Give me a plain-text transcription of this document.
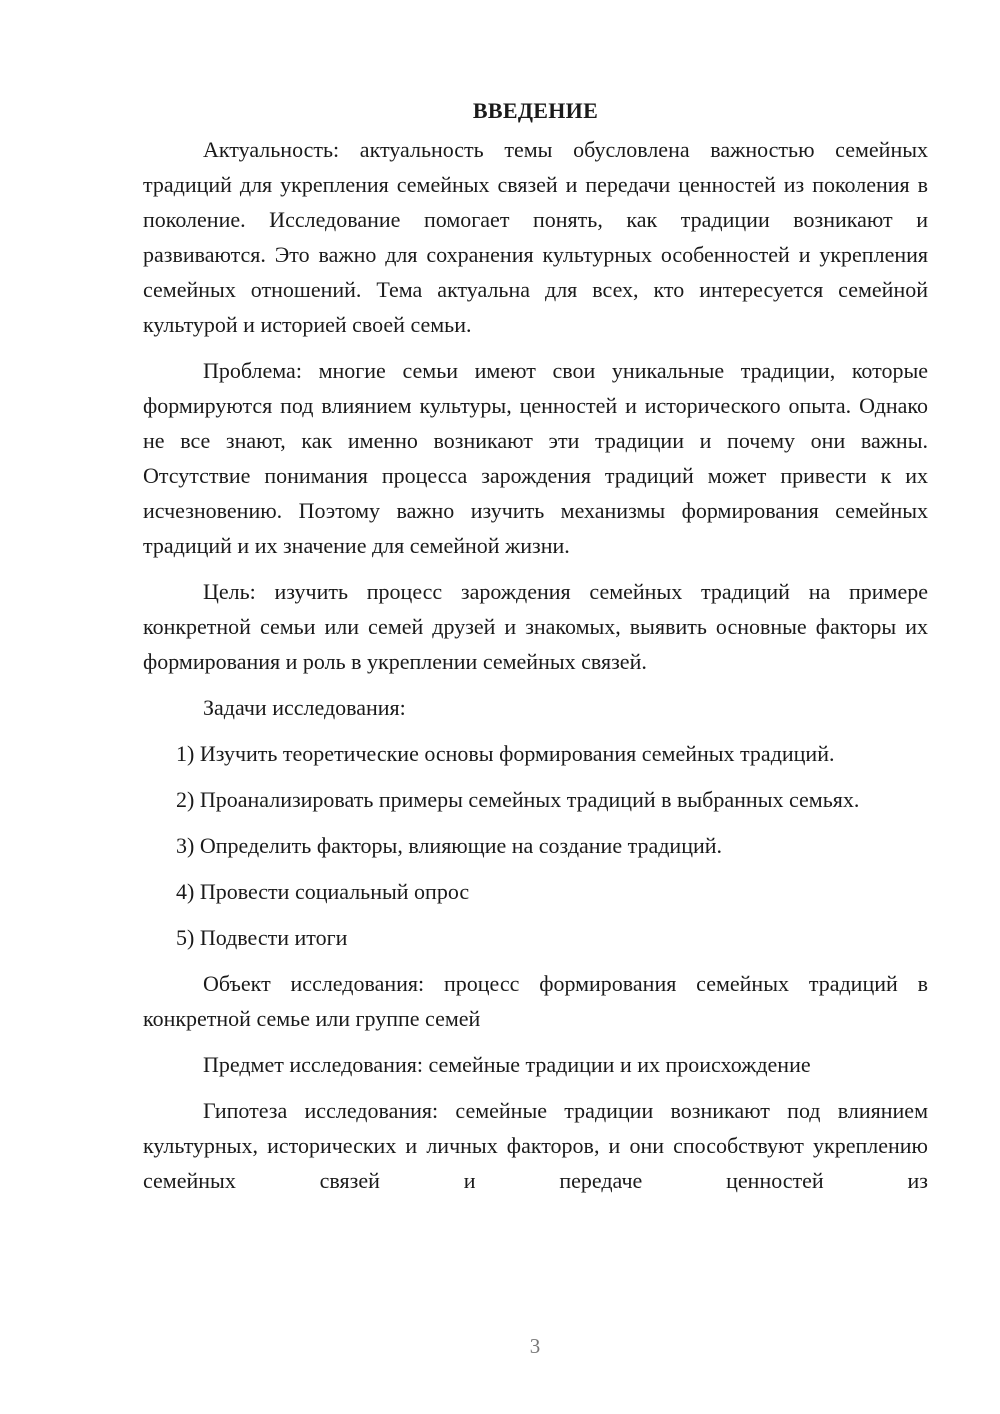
ВВЕДЕНИЕ

Актуальность: актуальность темы обусловлена важностью семейных традиций для укрепления семейных связей и передачи ценностей из поколения в поколение. Исследование помогает понять, как традиции возникают и развиваются. Это важно для сохранения культурных особенностей и укрепления семейных отношений. Тема актуальна для всех, кто интересуется семейной культурой и историей своей семьи.

Проблема: многие семьи имеют свои уникальные традиции, которые формируются под влиянием культуры, ценностей и исторического опыта. Однако не все знают, как именно возникают эти традиции и почему они важны. Отсутствие понимания процесса зарождения традиций может привести к их исчезновению. Поэтому важно изучить механизмы формирования семейных традиций и их значение для семейной жизни.

Цель: изучить процесс зарождения семейных традиций на примере конкретной семьи или семей друзей и знакомых, выявить основные факторы их формирования и роль в укреплении семейных связей.

Задачи исследования:

1) Изучить теоретические основы формирования семейных традиций.

2) Проанализировать примеры семейных традиций в выбранных семьях.

3) Определить факторы, влияющие на создание традиций.

4) Провести социальный опрос

5) Подвести итоги

Объект исследования: процесс формирования семейных традиций в конкретной семье или группе семей

Предмет исследования: семейные традиции и их происхождение

Гипотеза исследования: семейные традиции возникают под влиянием культурных, исторических и личных факторов, и они способствуют укреплению семейных связей и передаче ценностей из

3
